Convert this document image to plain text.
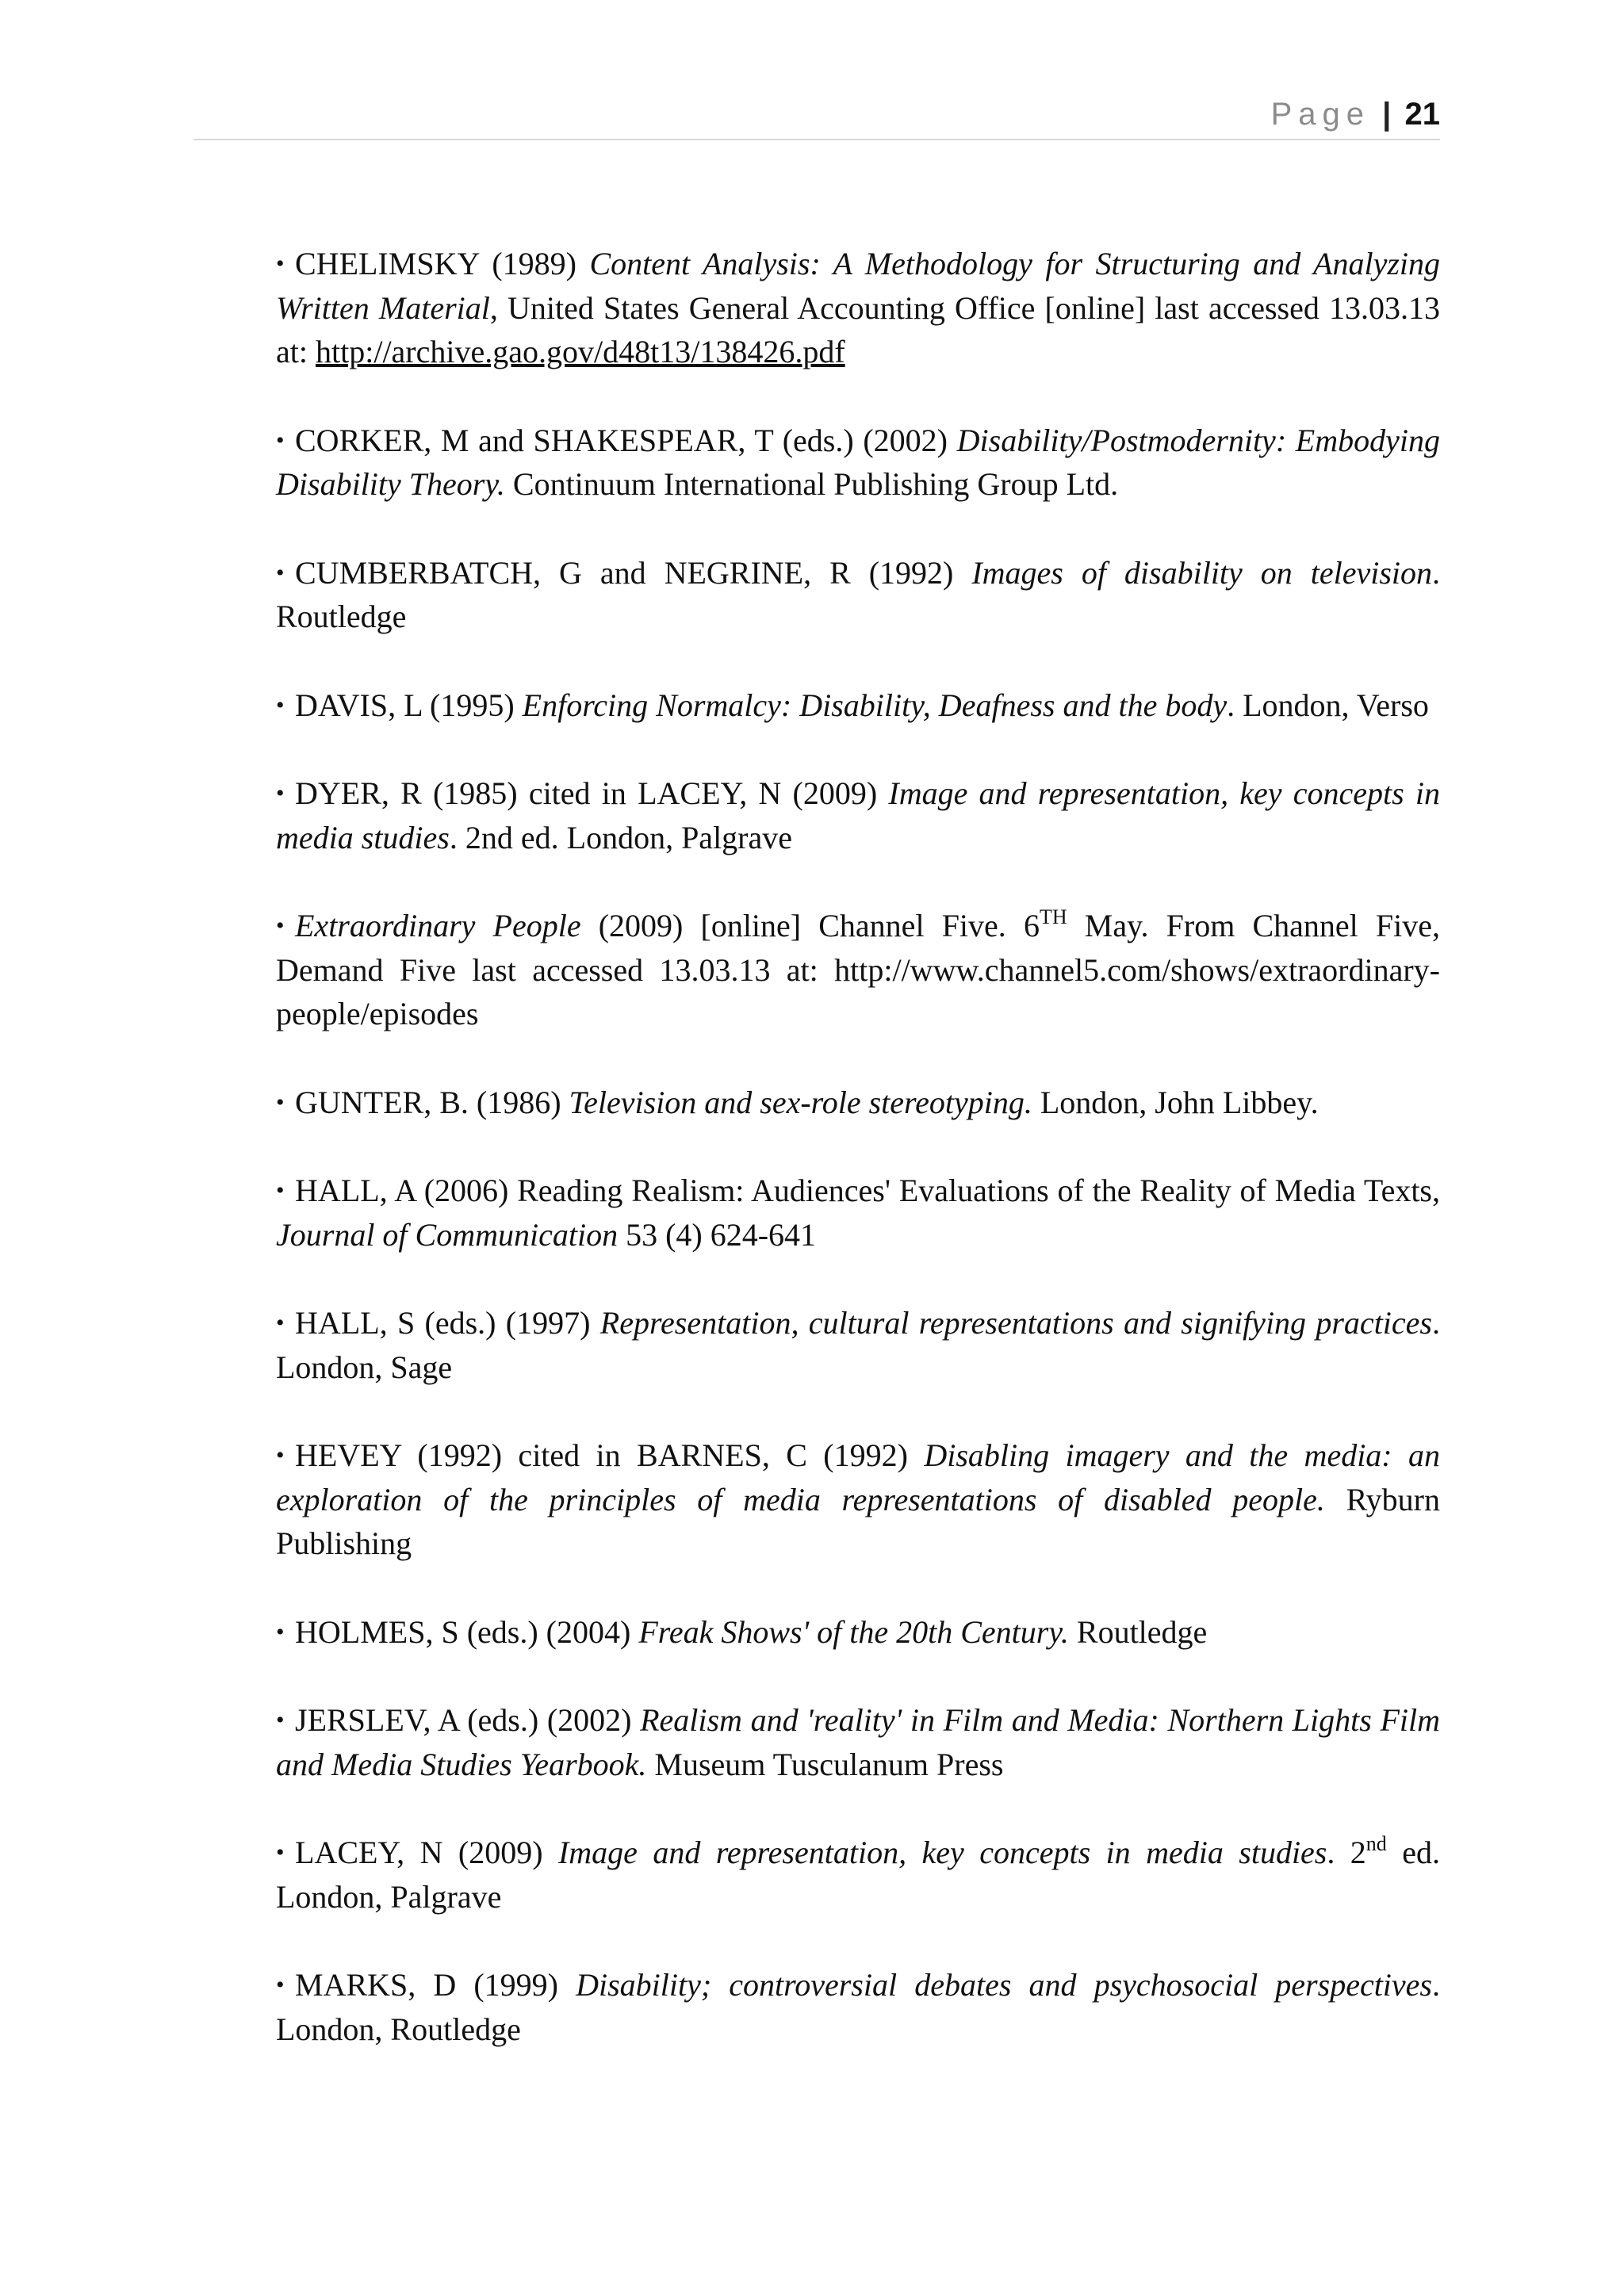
Page | 21
• CHELIMSKY (1989) Content Analysis: A Methodology for Structuring and Analyzing Written Material, United States General Accounting Office [online] last accessed 13.03.13 at: http://archive.gao.gov/d48t13/138426.pdf
• CORKER, M and SHAKESPEAR, T (eds.) (2002) Disability/Postmodernity: Embodying Disability Theory. Continuum International Publishing Group Ltd.
• CUMBERBATCH, G and NEGRINE, R (1992) Images of disability on television. Routledge
• DAVIS, L (1995) Enforcing Normalcy: Disability, Deafness and the body. London, Verso
• DYER, R (1985) cited in LACEY, N (2009) Image and representation, key concepts in media studies. 2nd ed. London, Palgrave
• Extraordinary People (2009) [online] Channel Five. 6TH May. From Channel Five, Demand Five last accessed 13.03.13 at: http://www.channel5.com/shows/extraordinary-people/episodes
• GUNTER, B. (1986) Television and sex-role stereotyping. London, John Libbey.
• HALL, A (2006) Reading Realism: Audiences' Evaluations of the Reality of Media Texts, Journal of Communication 53 (4) 624-641
• HALL, S (eds.) (1997) Representation, cultural representations and signifying practices. London, Sage
• HEVEY (1992) cited in BARNES, C (1992) Disabling imagery and the media: an exploration of the principles of media representations of disabled people. Ryburn Publishing
• HOLMES, S (eds.) (2004) Freak Shows' of the 20th Century. Routledge
• JERSLEV, A (eds.) (2002) Realism and 'reality' in Film and Media: Northern Lights Film and Media Studies Yearbook. Museum Tusculanum Press
• LACEY, N (2009) Image and representation, key concepts in media studies. 2nd ed. London, Palgrave
• MARKS, D (1999) Disability; controversial debates and psychosocial perspectives. London, Routledge
